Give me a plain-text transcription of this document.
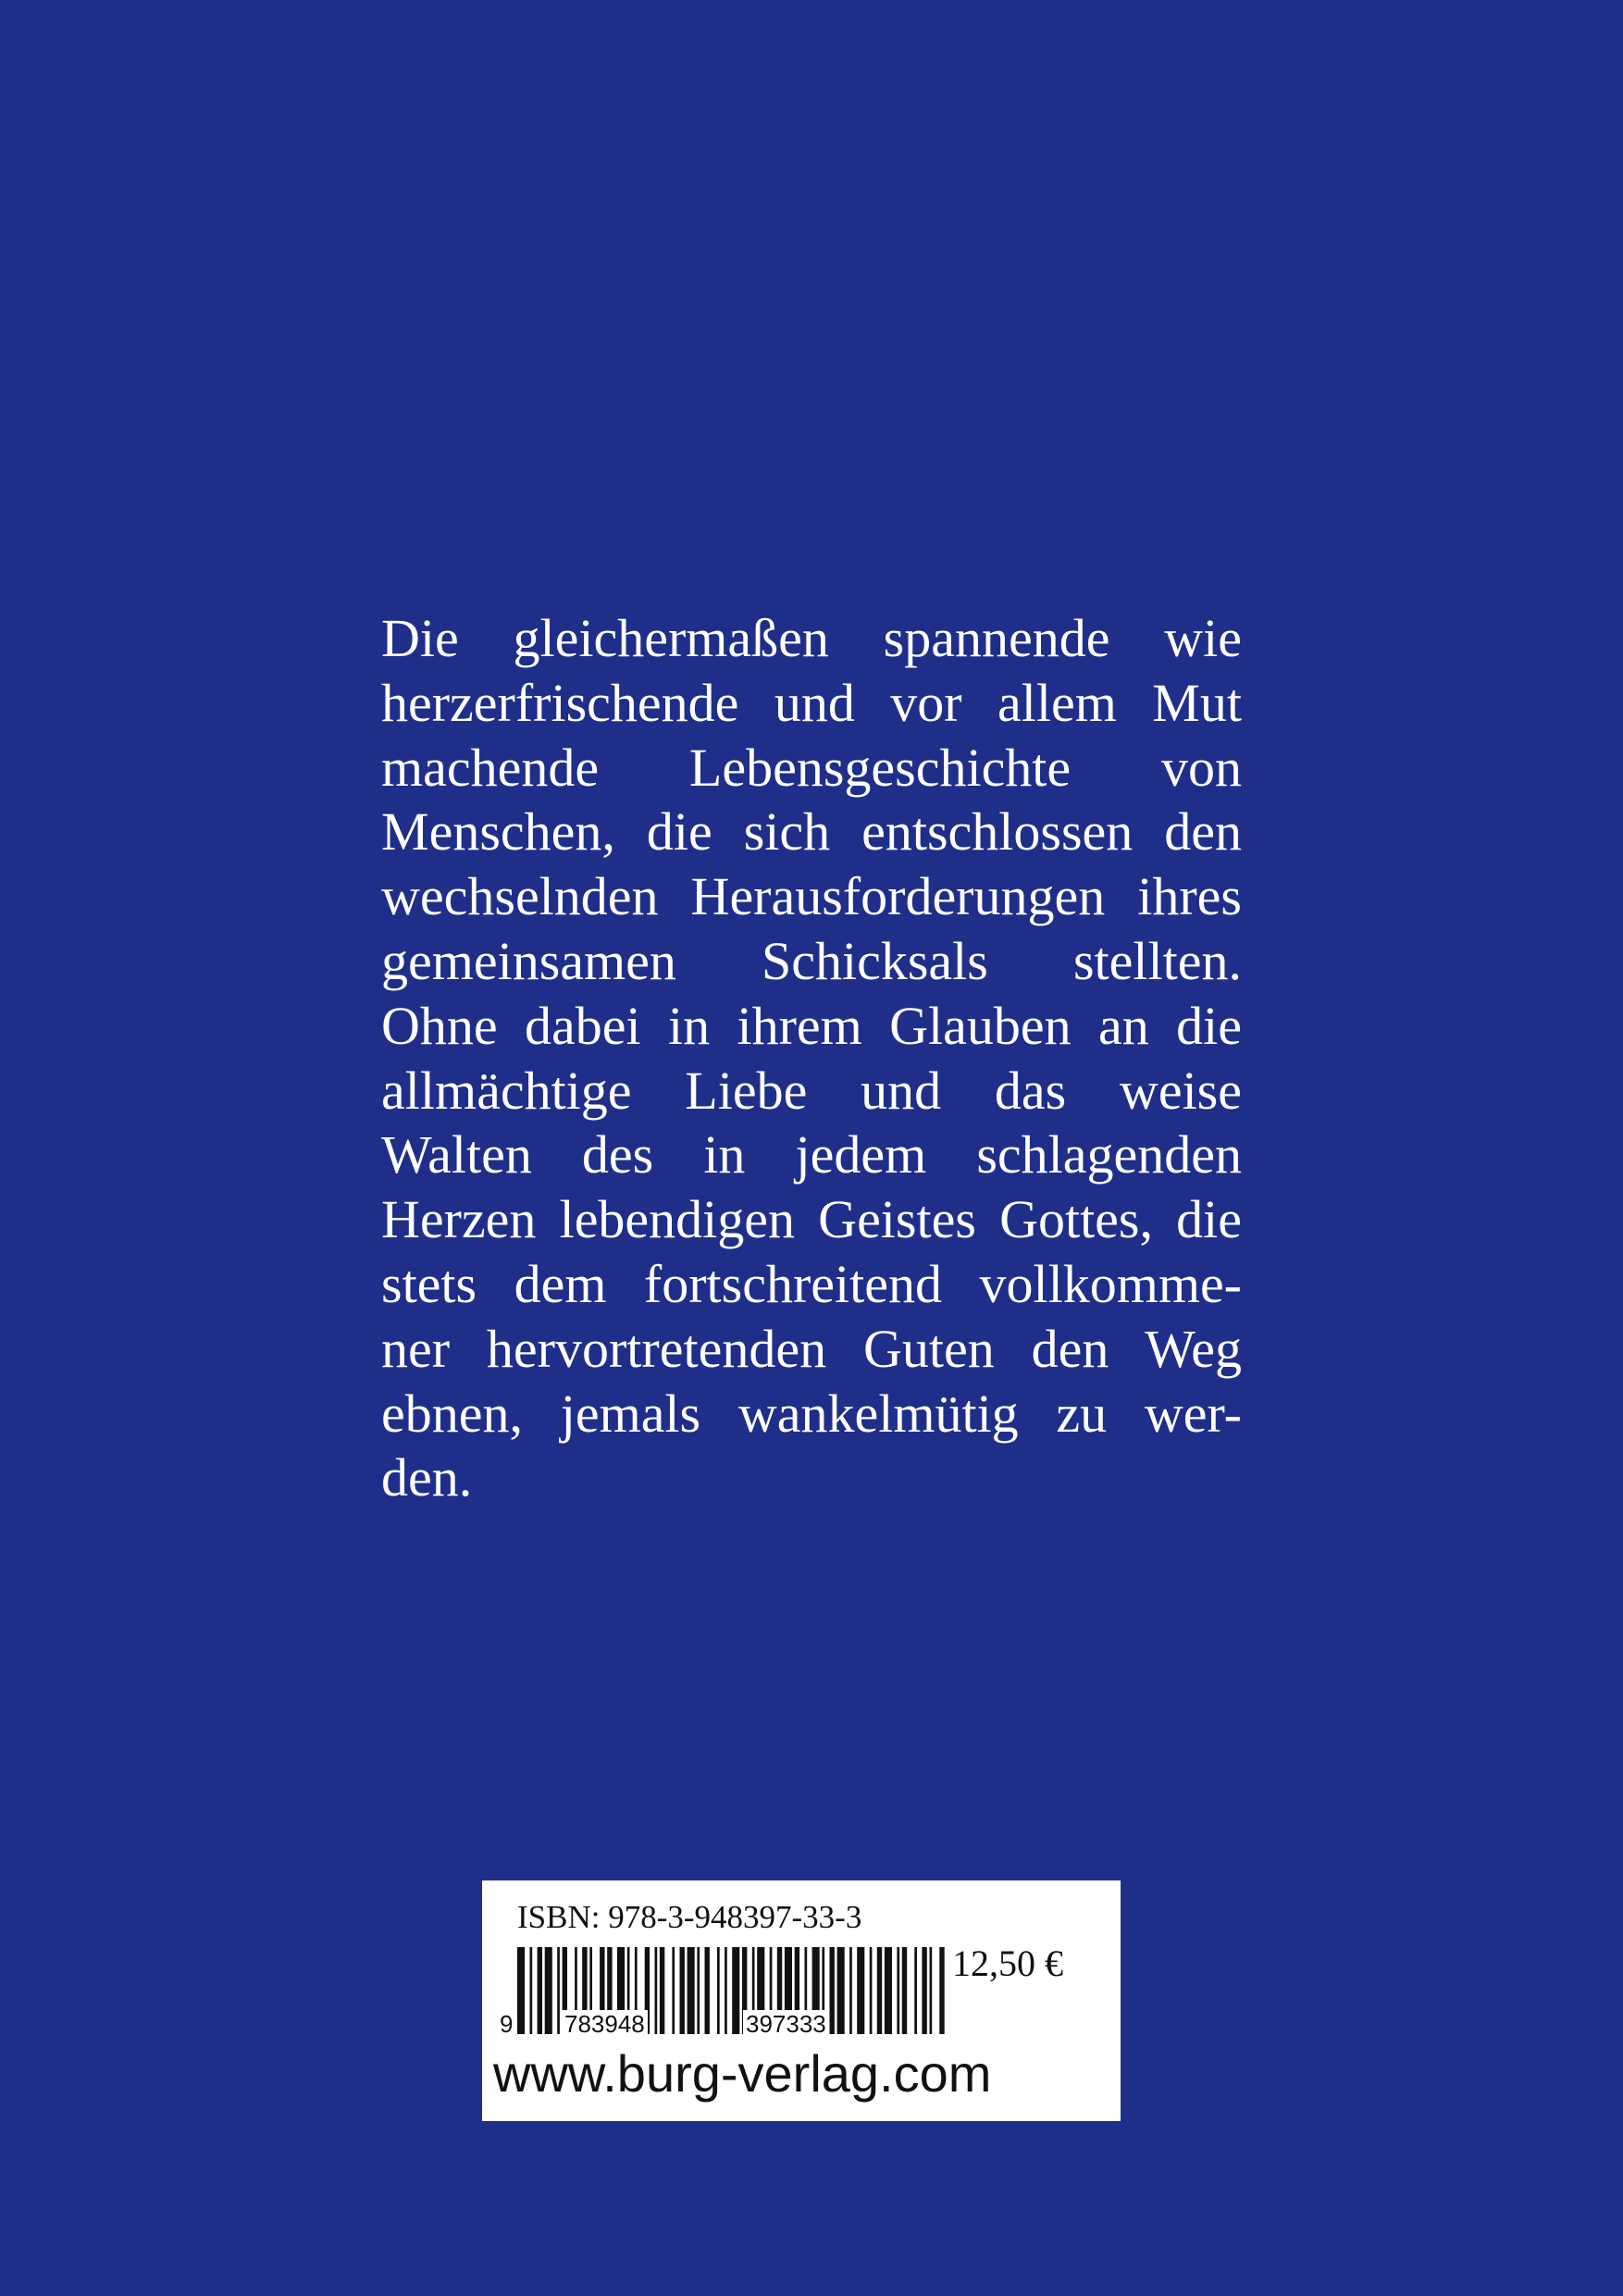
Die gleichermaßen spannende wie
herzerfrischende und vor allem Mut
machende Lebensgeschichte von
Menschen, die sich entschlossen den
wechselnden Herausforderungen ihres
gemeinsamen Schicksals stellten.
Ohne dabei in ihrem Glauben an die
allmächtige Liebe und das weise
Walten des in jedem schlagenden
Herzen lebendigen Geistes Gottes, die
stets dem fortschreitend vollkomme-
ner hervortretenden Guten den Weg
ebnen, jemals wankelmütig zu wer-
den.
ISBN: 978-3-948397-33-3
12,50 €
9 783948	397333
www.burg-verlag.com
